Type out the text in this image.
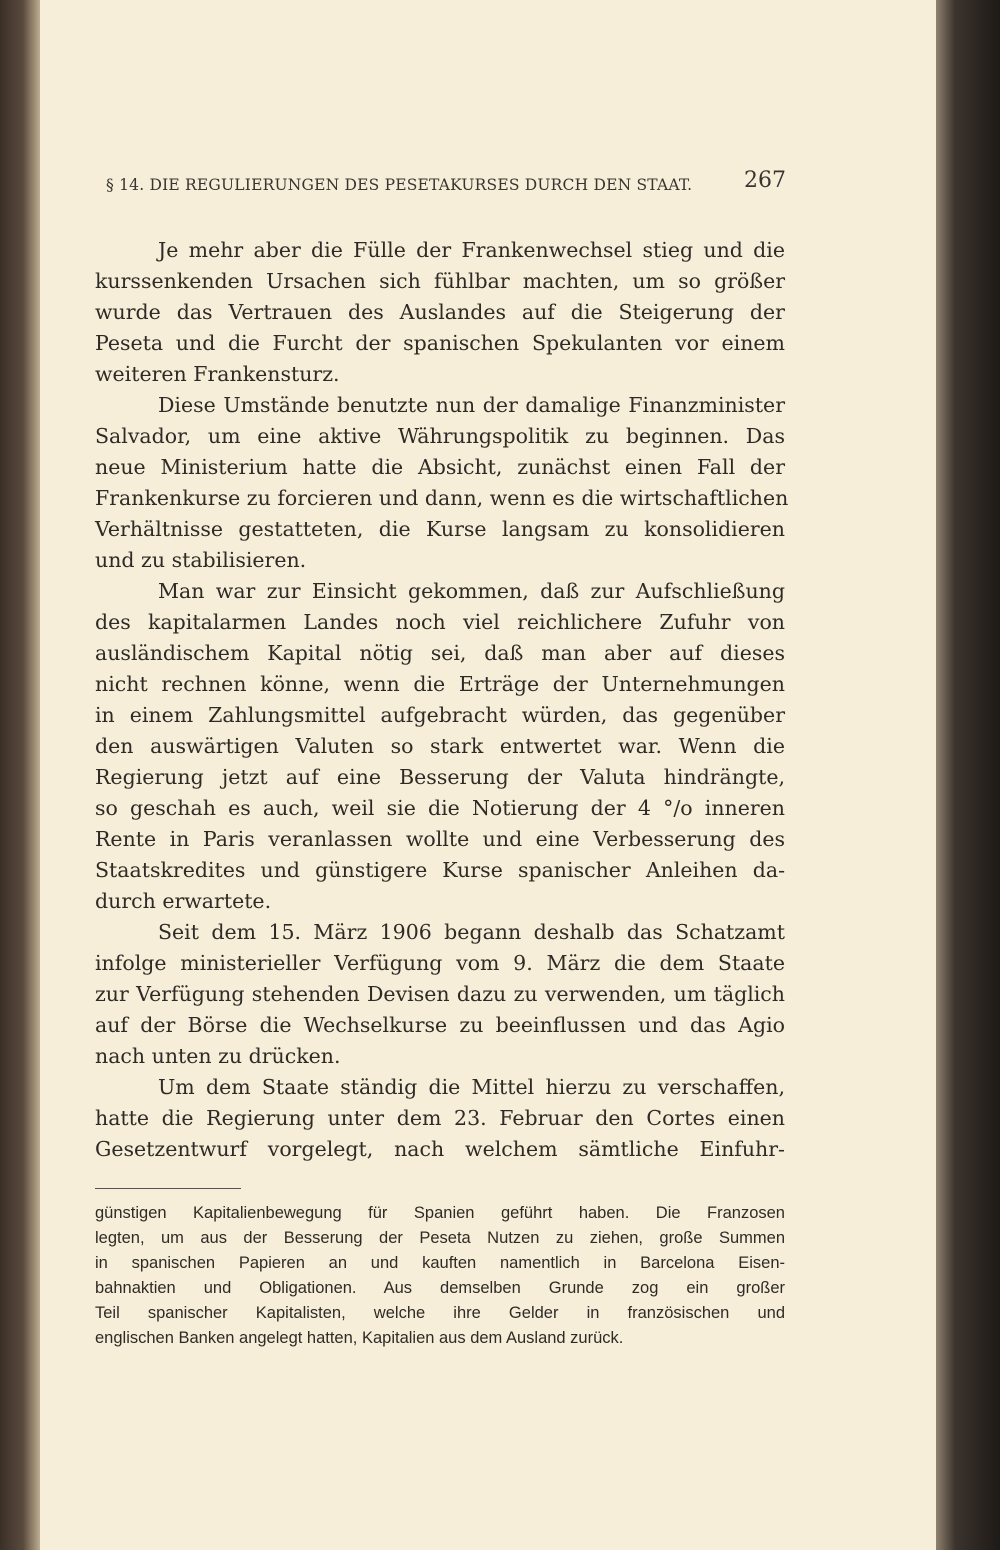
§ 14. DIE REGULIERUNGEN DES PESETAKURSES DURCH DEN STAAT.	267
Je mehr aber die Fülle der Frankenwechsel stieg und die
kurssenkenden Ursachen sich fühlbar machten, um so größer
wurde das Vertrauen des Auslandes auf die Steigerung der
Peseta und die Furcht der spanischen Spekulanten vor einem
weiteren Frankensturz.
Diese Umstände benutzte nun der damalige Finanzminister
Salvador, um eine aktive Währungspolitik zu beginnen. Das
neue Ministerium hatte die Absicht, zunächst einen Fall der
Frankenkurse zu forcieren und dann, wenn es die wirtschaftlichen
Verhältnisse gestatteten, die Kurse langsam zu konsolidieren
und zu stabilisieren.
Man war zur Einsicht gekommen, daß zur Aufschließung
des kapitalarmen Landes noch viel reichlichere Zufuhr von
ausländischem Kapital nötig sei, daß man aber auf dieses
nicht rechnen könne, wenn die Erträge der Unternehmungen
in einem Zahlungsmittel aufgebracht würden, das gegenüber
den auswärtigen Valuten so stark entwertet war. Wenn die
Regierung jetzt auf eine Besserung der Valuta hindrängte,
so geschah es auch, weil sie die Notierung der 4 °/o inneren
Rente in Paris veranlassen wollte und eine Verbesserung des
Staatskredites und günstigere Kurse spanischer Anleihen da-
durch erwartete.
Seit dem 15. März 1906 begann deshalb das Schatzamt
infolge ministerieller Verfügung vom 9. März die dem Staate
zur Verfügung stehenden Devisen dazu zu verwenden, um täglich
auf der Börse die Wechselkurse zu beeinflussen und das Agio
nach unten zu drücken.
Um dem Staate ständig die Mittel hierzu zu verschaffen,
hatte die Regierung unter dem 23. Februar den Cortes einen
Gesetzentwurf vorgelegt, nach welchem sämtliche Einfuhr-
günstigen Kapitalienbewegung für Spanien geführt haben. Die Franzosen
legten, um aus der Besserung der Peseta Nutzen zu ziehen, große Summen
in spanischen Papieren an und kauften namentlich in Barcelona Eisen-
bahnaktien und Obligationen. Aus demselben Grunde zog ein großer
Teil spanischer Kapitalisten, welche ihre Gelder in französischen und
englischen Banken angelegt hatten, Kapitalien aus dem Ausland zurück.
